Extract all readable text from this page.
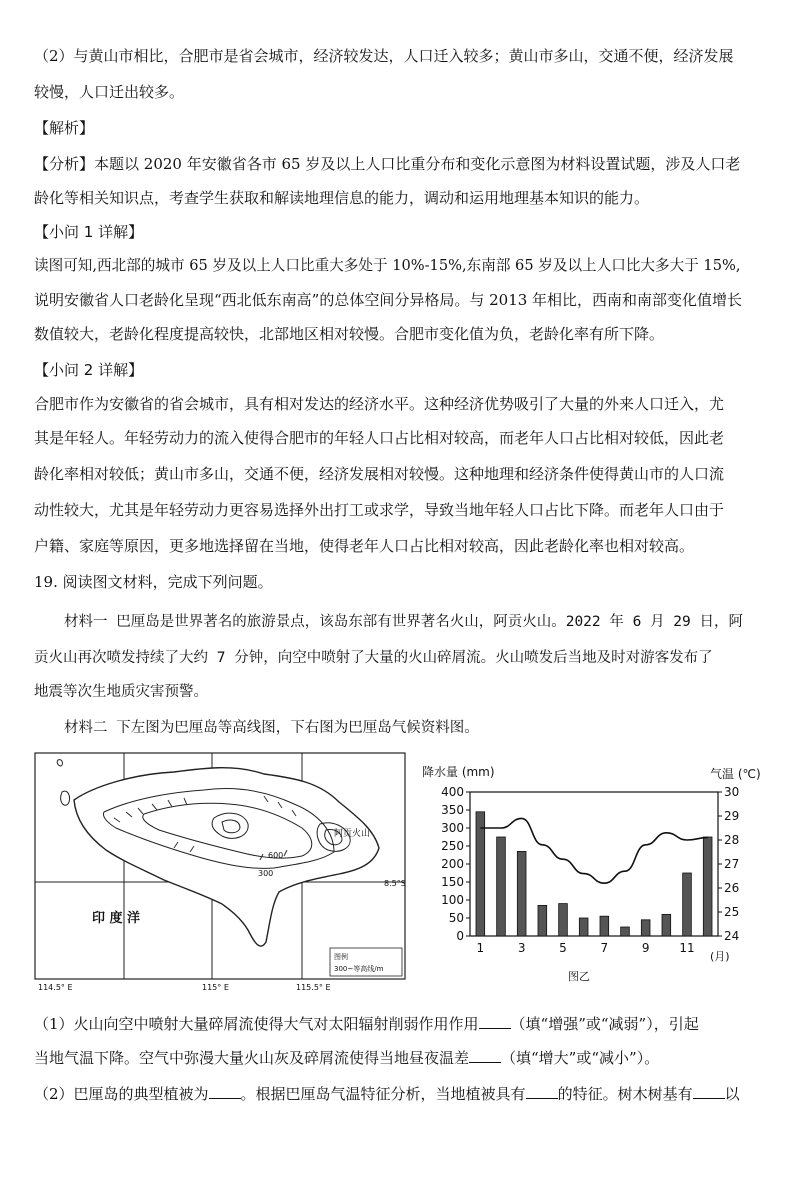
（2）与黄山市相比，合肥市是省会城市，经济较发达，人口迁入较多；黄山市多山，交通不便，经济发展
较慢，人口迁出较多。
【解析】
【分析】本题以 2020 年安徽省各市 65 岁及以上人口比重分布和变化示意图为材料设置试题，涉及人口老
龄化等相关知识点，考查学生获取和解读地理信息的能力，调动和运用地理基本知识的能力。
【小问 1 详解】
读图可知,西北部的城市 65 岁及以上人口比重大多处于 10%-15%,东南部 65 岁及以上人口比大多大于 15%,
说明安徽省人口老龄化呈现“西北低东南高”的总体空间分异格局。与 2013 年相比，西南和南部变化值增长
数值较大，老龄化程度提高较快，北部地区相对较慢。合肥市变化值为负，老龄化率有所下降。
【小问 2 详解】
合肥市作为安徽省的省会城市，具有相对发达的经济水平。这种经济优势吸引了大量的外来人口迁入，尤
其是年轻人。年轻劳动力的流入使得合肥市的年轻人口占比相对较高，而老年人口占比相对较低，因此老
龄化率相对较低；黄山市多山，交通不便，经济发展相对较慢。这种地理和经济条件使得黄山市的人口流
动性较大，尤其是年轻劳动力更容易选择外出打工或求学，导致当地年轻人口占比下降。而老年人口由于
户籍、家庭等原因，更多地选择留在当地，使得老年人口占比相对较高，因此老龄化率也相对较高。
19. 阅读图文材料，完成下列问题。
材料一 巴厘岛是世界著名的旅游景点，该岛东部有世界著名火山，阿贡火山。2022 年 6 月 29 日，阿
贡火山再次喷发持续了大约 7 分钟，向空中喷射了大量的火山碎屑流。火山喷发后当地及时对游客发布了
地震等次生地质灾害预警。
材料二 下左图为巴厘岛等高线图，下右图为巴厘岛气候资料图。
阿贡火山
600
300
8.5°S
印 度 洋
图例
300~等高线/m
114.5° E	115° E	115.5° E
降水量 (mm)	气温 (℃)
0
50
100
150
200
250
300
350
400
24
25
26
27
28
29
30
1	3	5	7	9 11
图乙
(月)
（1）火山向空中喷射大量碎屑流使得大气对太阳辐射削弱作用作用 （填“增强”或“减弱”），引起
当地气温下降。空气中弥漫大量火山灰及碎屑流使得当地昼夜温差 （填“增大”或“减小”）。
（2）巴厘岛的典型植被为 。根据巴厘岛气温特征分析，当地植被具有 的特征。树木树基有 以
